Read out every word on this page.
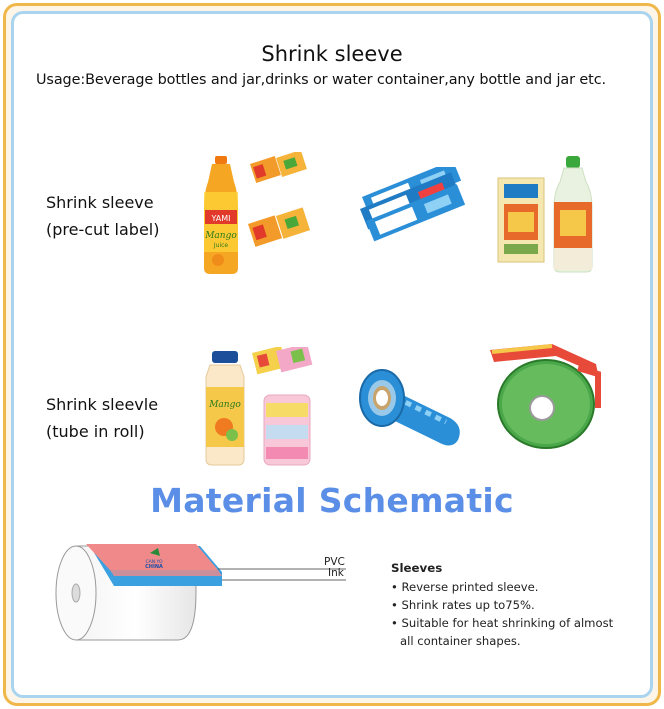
Shrink sleeve
Usage:Beverage bottles and jar,drinks or water container,any bottle and jar etc.
Shrink sleeve
(pre-cut label)
YAMI
Mango
Juice
Shrink sleevle
(tube in roll)
Mango
Material Schematic
CAN YO
CHINA	PVC
Ink	Sleeves
• Reverse printed sleeve.
• Shrink rates up to75%.
• Suitable for heat shrinking of almost
all container shapes.
